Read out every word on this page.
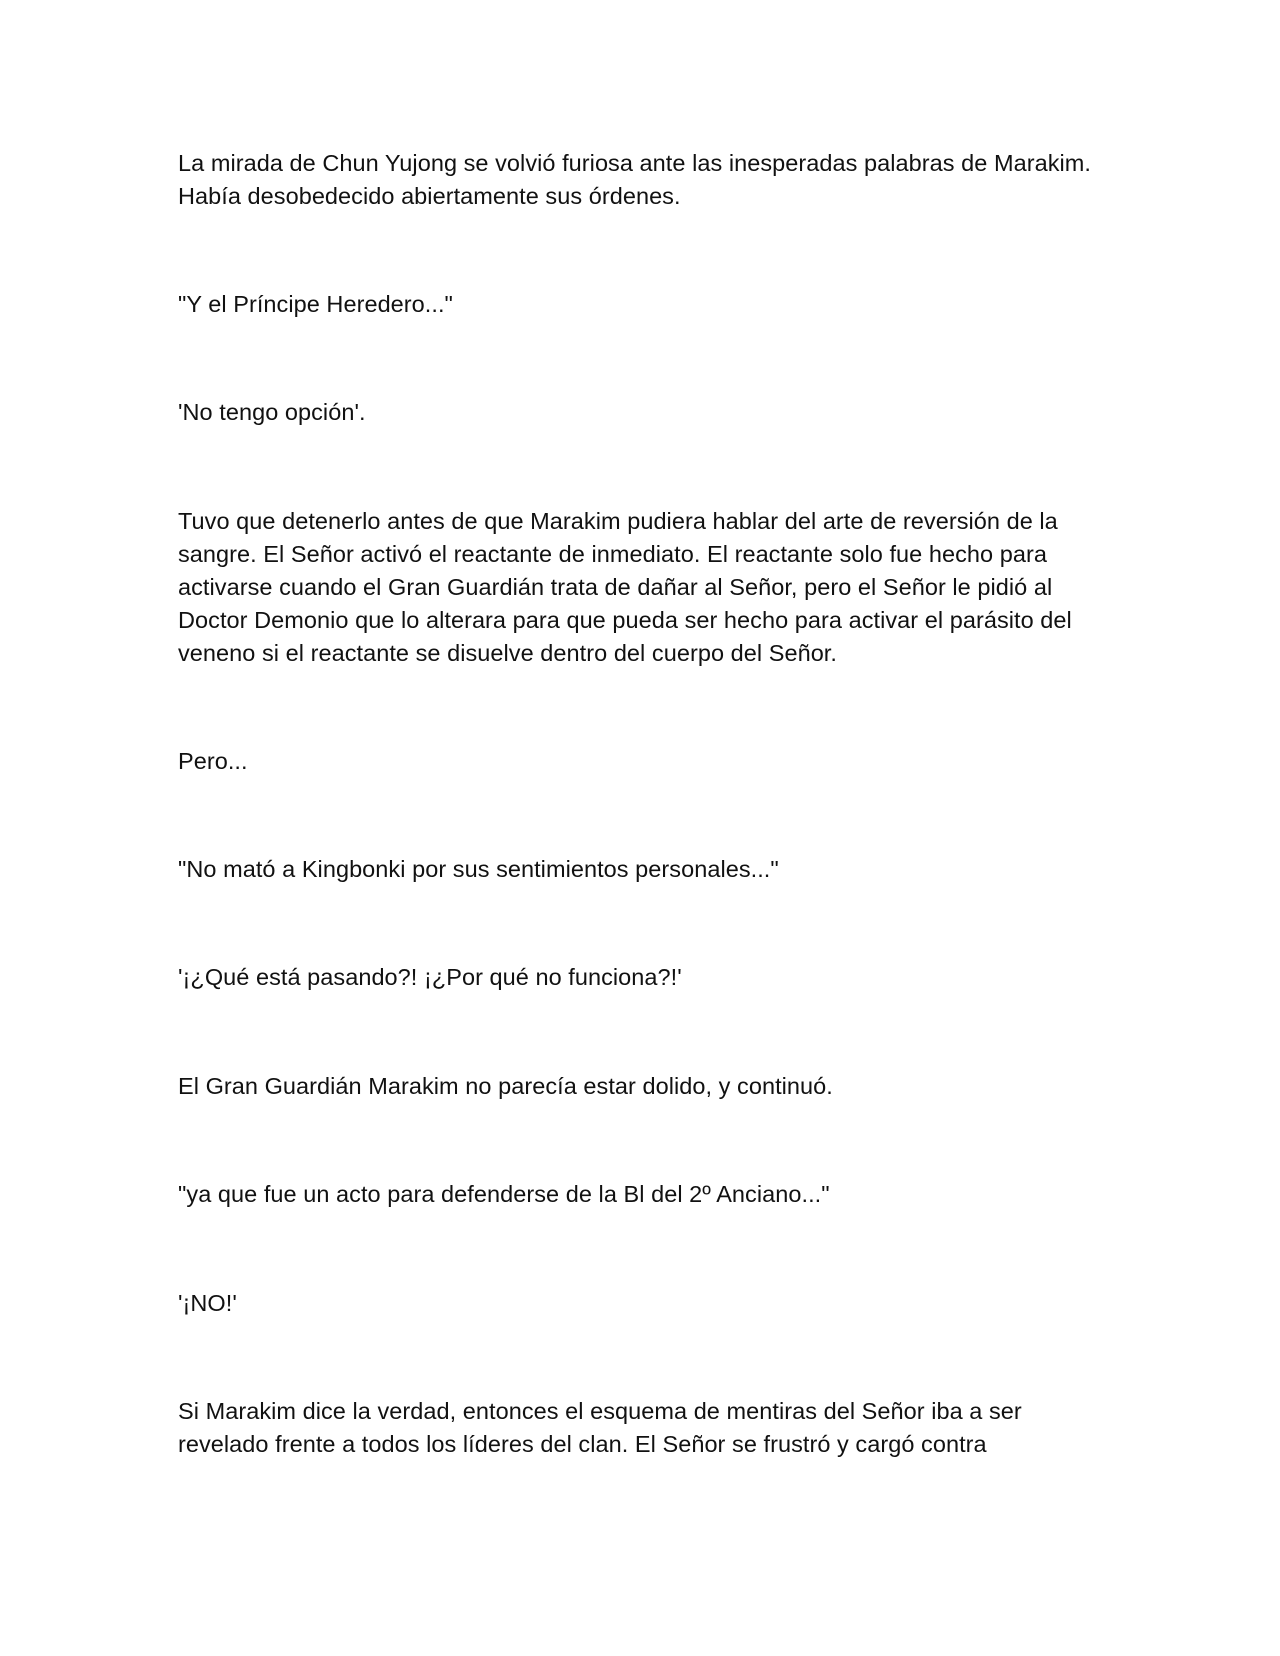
La mirada de Chun Yujong se volvió furiosa ante las inesperadas palabras de Marakim. Había desobedecido abiertamente sus órdenes.

"Y el Príncipe Heredero..."

'No tengo opción'.

Tuvo que detenerlo antes de que Marakim pudiera hablar del arte de reversión de la sangre. El Señor activó el reactante de inmediato. El reactante solo fue hecho para activarse cuando el Gran Guardián trata de dañar al Señor, pero el Señor le pidió al Doctor Demonio que lo alterara para que pueda ser hecho para activar el parásito del veneno si el reactante se disuelve dentro del cuerpo del Señor.

Pero...

"No mató a Kingbonki por sus sentimientos personales..."

'¡¿Qué está pasando?! ¡¿Por qué no funciona?!'

El Gran Guardián Marakim no parecía estar dolido, y continuó.

"ya que fue un acto para defenderse de la Bl del 2º Anciano..."

'¡NO!'

Si Marakim dice la verdad, entonces el esquema de mentiras del Señor iba a ser revelado frente a todos los líderes del clan. El Señor se frustró y cargó contra
